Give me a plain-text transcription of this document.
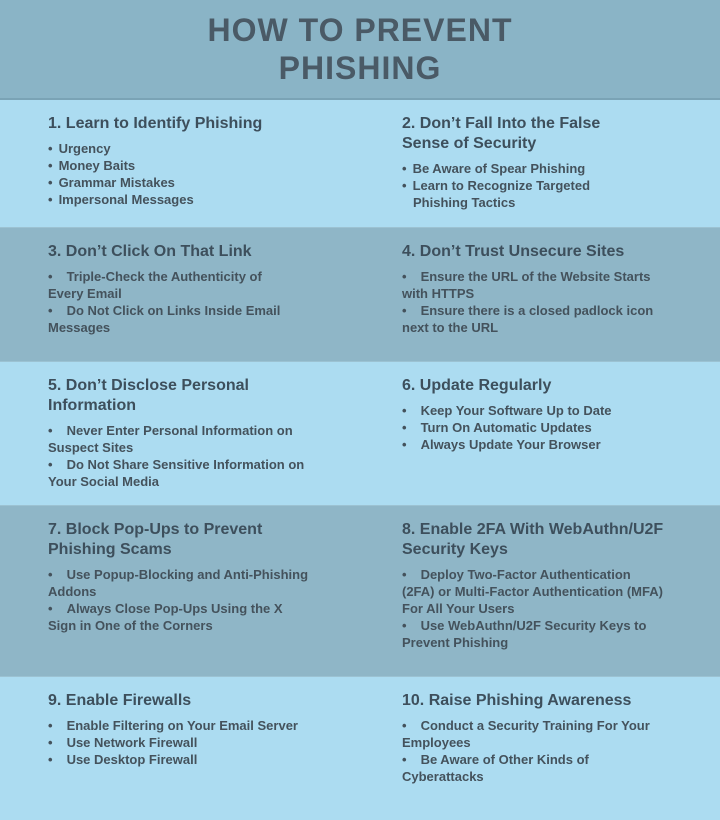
HOW TO PREVENT PHISHING
1. Learn to Identify Phishing
• Urgency
• Money Baits
• Grammar Mistakes
• Impersonal Messages
2. Don’t Fall Into the False Sense of Security
• Be Aware of Spear Phishing
• Learn to Recognize Targeted
Phishing Tactics
3. Don’t Click On That Link
• Triple-Check the Authenticity of
Every Email
• Do Not Click on Links Inside Email
Messages
4. Don’t Trust Unsecure Sites
• Ensure the URL of the Website Starts
with HTTPS
• Ensure there is a closed padlock icon
next to the URL
5. Don’t Disclose Personal Information
• Never Enter Personal Information on
Suspect Sites
• Do Not Share Sensitive Information on
Your Social Media
6. Update Regularly
• Keep Your Software Up to Date
• Turn On Automatic Updates
• Always Update Your Browser
7. Block Pop-Ups to Prevent Phishing Scams
• Use Popup-Blocking and Anti-Phishing
Addons
• Always Close Pop-Ups Using the X
Sign in One of the Corners
8. Enable 2FA With WebAuthn/U2F Security Keys
• Deploy Two-Factor Authentication
(2FA) or Multi-Factor Authentication (MFA)
For All Your Users
• Use WebAuthn/U2F Security Keys to
Prevent Phishing
9. Enable Firewalls
• Enable Filtering on Your Email Server
• Use Network Firewall
• Use Desktop Firewall
10. Raise Phishing Awareness
• Conduct a Security Training For Your
Employees
• Be Aware of Other Kinds of
Cyberattacks
